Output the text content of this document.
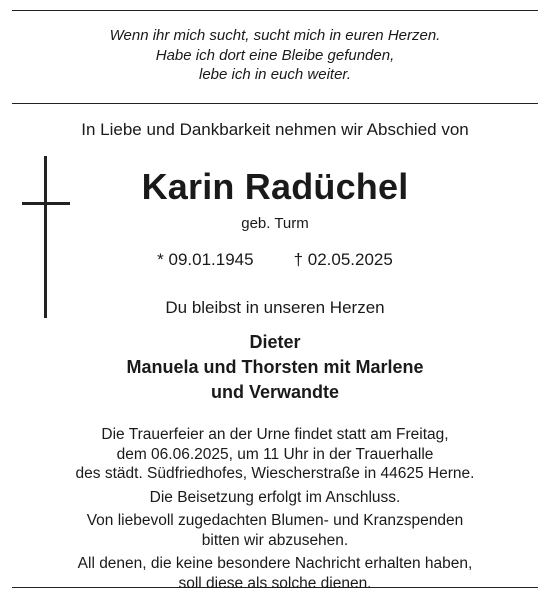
Wenn ihr mich sucht, sucht mich in euren Herzen.
Habe ich dort eine Bleibe gefunden,
lebe ich in euch weiter.
In Liebe und Dankbarkeit nehmen wir Abschied von
Karin Radüchel
geb. Turm
* 09.01.1945 † 02.05.2025
Du bleibst in unseren Herzen
Dieter
Manuela und Thorsten mit Marlene
und Verwandte
Die Trauerfeier an der Urne findet statt am Freitag,
dem 06.06.2025, um 11 Uhr in der Trauerhalle
des städt. Südfriedhofes, Wiescherstraße in 44625 Herne.
Die Beisetzung erfolgt im Anschluss.
Von liebevoll zugedachten Blumen- und Kranzspenden
bitten wir abzusehen.
All denen, die keine besondere Nachricht erhalten haben,
soll diese als solche dienen.
